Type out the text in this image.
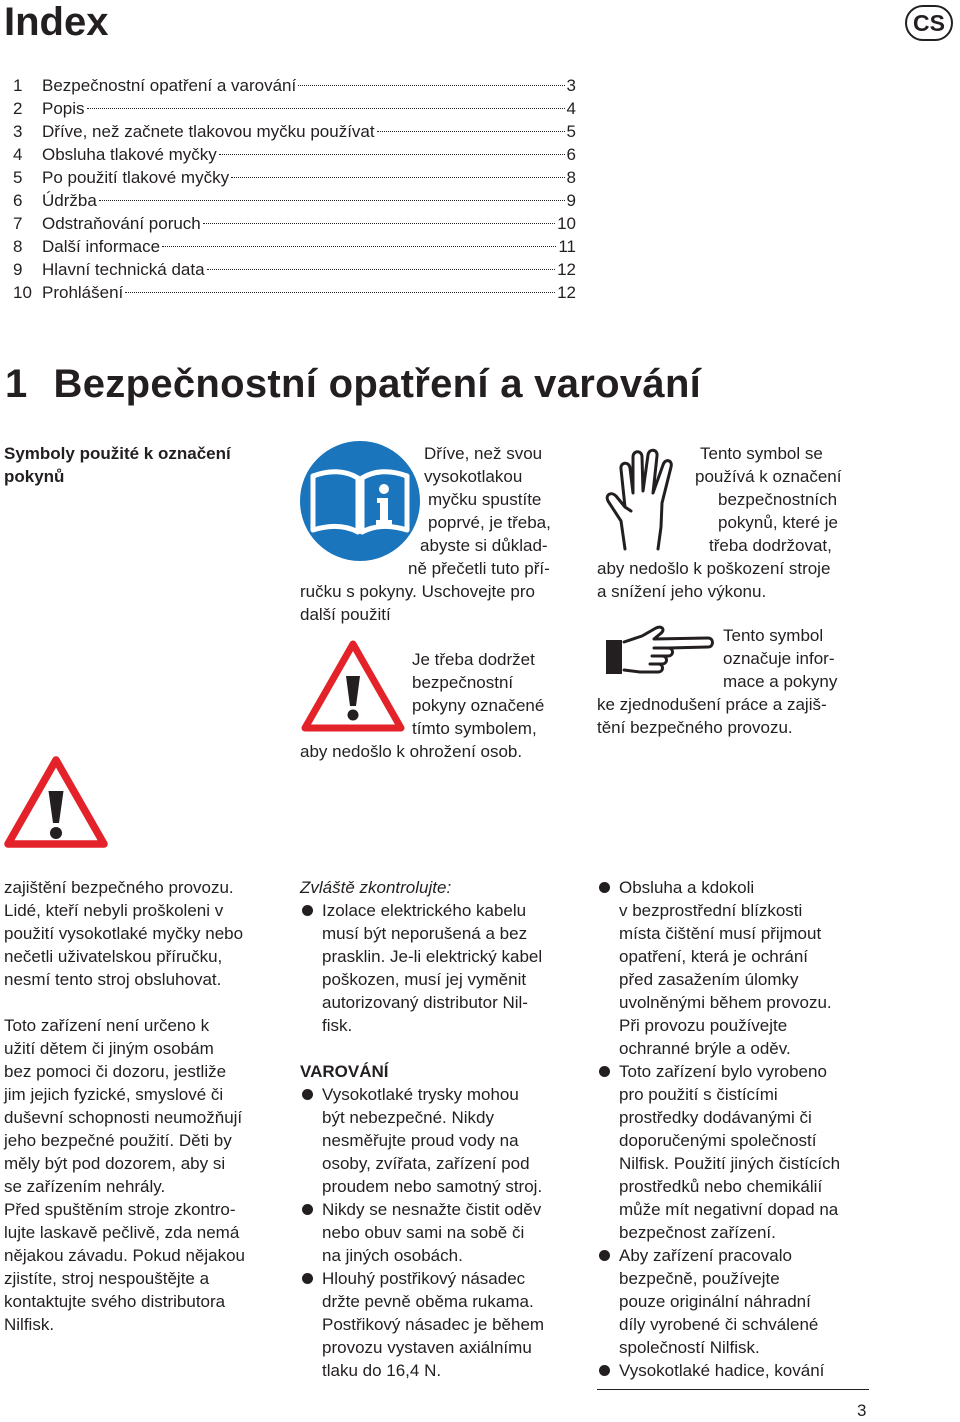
Index	CS
1	Bezpečnostní opatření a varování	3
2	Popis	4
3	Dříve, než začnete tlakovou myčku používat	5
4	Obsluha tlakové myčky	6
5	Po použití tlakové myčky	8
6	Údržba	9
7	Odstraňování poruch	10
8	Další informace	11
9	Hlavní technická data	12
10 Prohlášení	12
1 Bezpečnostní opatření a varování
Symboly použité k označení
pokynů
Dříve, než svou
vysokotlakou
myčku spustíte
poprvé, je třeba,
abyste si důklad-
ně přečetli tuto pří-
ručku s pokyny. Uschovejte pro
další použití
Je třeba dodržet
bezpečnostní
pokyny označené
tímto symbolem,
aby nedošlo k ohrožení osob.
Tento symbol se
používá k označení
bezpečnostních
pokynů, které je
třeba dodržovat,
aby nedošlo k poškození stroje
a snížení jeho výkonu.
Tento symbol
označuje infor-
mace a pokyny
ke zjednodušení práce a zajiš-
tění bezpečného provozu.
zajištění bezpečného provozu.
Lidé, kteří nebyli proškoleni v
použití vysokotlaké myčky nebo
nečetli uživatelskou příručku,
nesmí tento stroj obsluhovat.
Toto zařízení není určeno k
užití dětem či jiným osobám
bez pomoci či dozoru, jestliže
jim jejich fyzické, smyslové či
duševní schopnosti neumožňují
jeho bezpečné použití. Děti by
měly být pod dozorem, aby si
se zařízením nehrály.
Před spuštěním stroje zkontro-
lujte laskavě pečlivě, zda nemá
nějakou závadu. Pokud nějakou
zjistíte, stroj nespouštějte a
kontaktujte svého distributora
Nilfisk.
Zvláště zkontrolujte:
Izolace elektrického kabelu
musí být neporušená a bez
prasklin. Je-li elektrický kabel
poškozen, musí jej vyměnit
autorizovaný distributor Nil-
fisk.
VAROVÁNÍ
Vysokotlaké trysky mohou
být nebezpečné. Nikdy
nesměřujte proud vody na
osoby, zvířata, zařízení pod
proudem nebo samotný stroj.
Nikdy se nesnažte čistit oděv
nebo obuv sami na sobě či
na jiných osobách.
Hlouhý postřikový násadec
držte pevně oběma rukama.
Postřikový násadec je během
provozu vystaven axiálnímu
tlaku do 16,4 N.
Obsluha a kdokoli
v bezprostřední blízkosti
místa čištění musí přijmout
opatření, která je ochrání
před zasažením úlomky
uvolněnými během provozu.
Při provozu používejte
ochranné brýle a oděv.
Toto zařízení bylo vyrobeno
pro použití s čistícími
prostředky dodávanými či
doporučenými společností
Nilfisk. Použití jiných čistících
prostředků nebo chemikálií
může mít negativní dopad na
bezpečnost zařízení.
Aby zařízení pracovalo
bezpečně, používejte
pouze originální náhradní
díly vyrobené či schválené
společností Nilfisk.
Vysokotlaké hadice, kování
3
